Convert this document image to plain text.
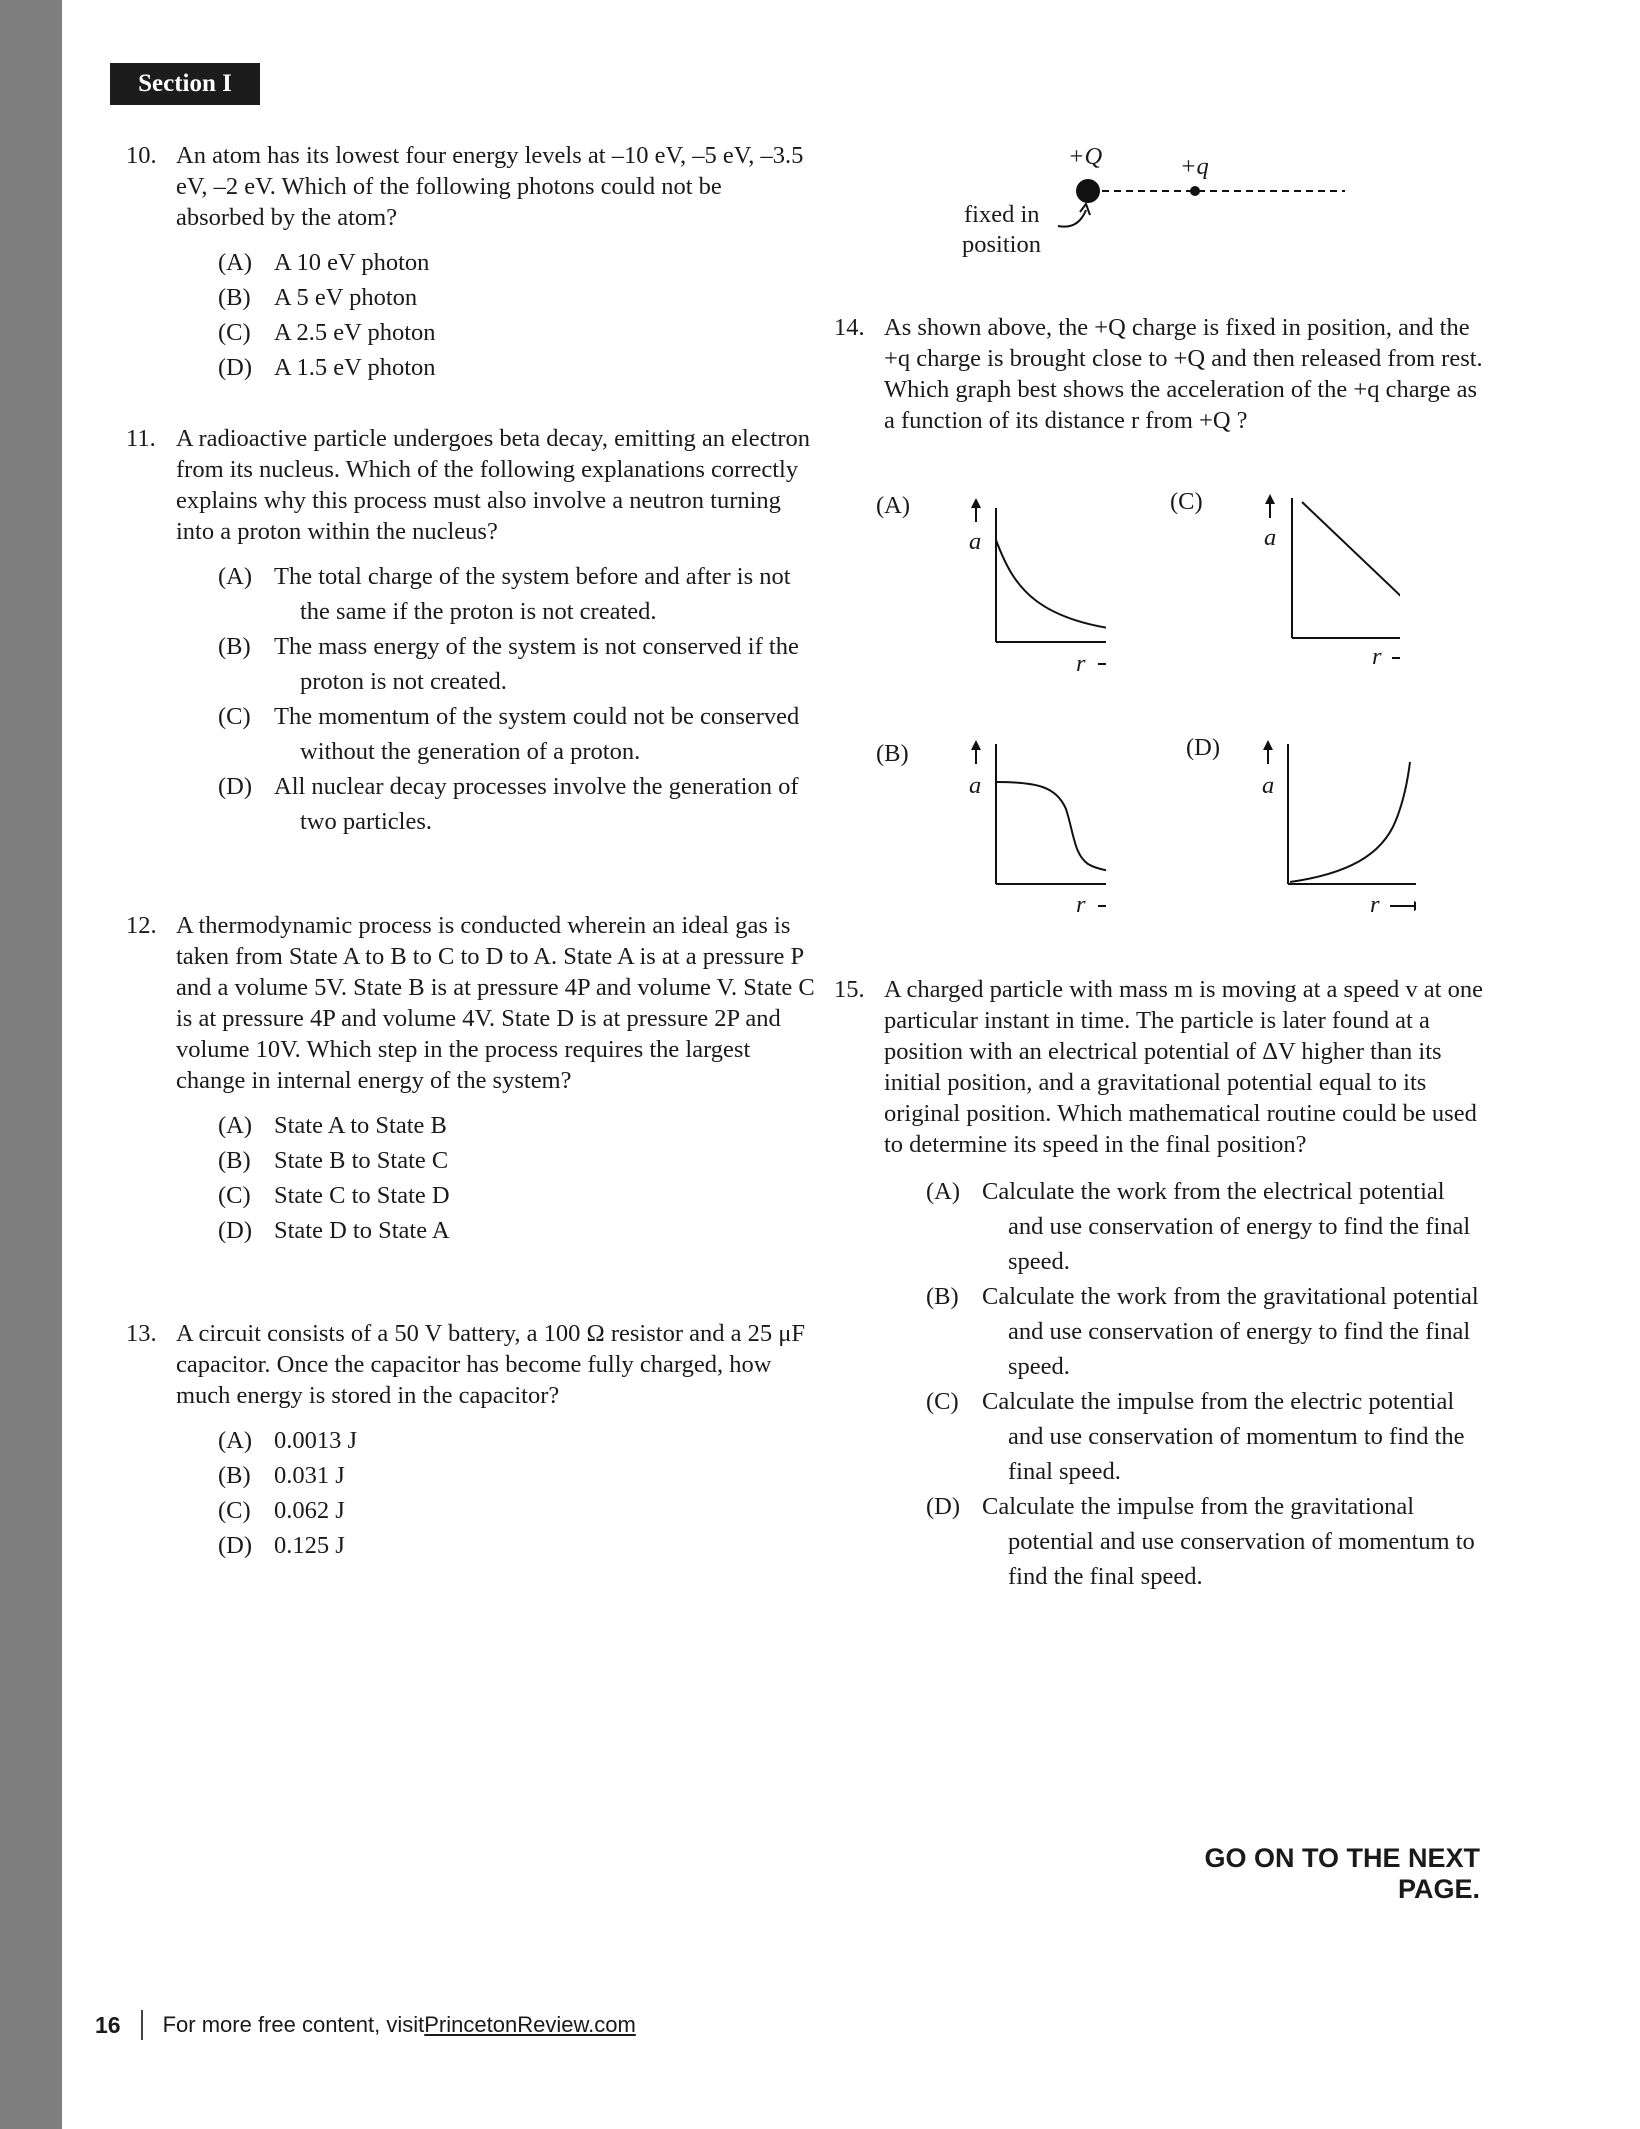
Section I
10. An atom has its lowest four energy levels at –10 eV, –5 eV, –3.5 eV, –2 eV. Which of the following photons could not be absorbed by the atom?

(A) A 10 eV photon
(B) A 5 eV photon
(C) A 2.5 eV photon
(D) A 1.5 eV photon
11. A radioactive particle undergoes beta decay, emitting an electron from its nucleus. Which of the following explanations correctly explains why this process must also involve a neutron turning into a proton within the nucleus?

(A) The total charge of the system before and after is not the same if the proton is not created.
(B) The mass energy of the system is not conserved if the proton is not created.
(C) The momentum of the system could not be conserved without the generation of a proton.
(D) All nuclear decay processes involve the generation of two particles.
12. A thermodynamic process is conducted wherein an ideal gas is taken from State A to B to C to D to A. State A is at a pressure P and a volume 5V. State B is at pressure 4P and volume V. State C is at pressure 4P and volume 4V. State D is at pressure 2P and volume 10V. Which step in the process requires the largest change in internal energy of the system?

(A) State A to State B
(B) State B to State C
(C) State C to State D
(D) State D to State A
13. A circuit consists of a 50 V battery, a 100 Ω resistor and a 25 μF capacitor. Once the capacitor has become fully charged, how much energy is stored in the capacitor?

(A) 0.0013 J
(B) 0.031 J
(C) 0.062 J
(D) 0.125 J
+Q	+q
fixed in
position
14. As shown above, the +Q charge is fixed in position, and the +q charge is brought close to +Q and then released from rest. Which graph best shows the acceleration of the +q charge as a function of its distance r from +Q ?

(A)
a
r
(C)
a
r
(B)
a
r
(D)
a
r
15. A charged particle with mass m is moving at a speed v at one particular instant in time. The particle is later found at a position with an electrical potential of ΔV higher than its initial position, and a gravitational potential equal to its original position. Which mathematical routine could be used to determine its speed in the final position?

(A) Calculate the work from the electrical potential and use conservation of energy to find the final speed.
(B) Calculate the work from the gravitational potential and use conservation of energy to find the final speed.
(C) Calculate the impulse from the electric potential and use conservation of momentum to find the final speed.
(D) Calculate the impulse from the gravitational potential and use conservation of momentum to find the final speed.
GO ON TO THE NEXT PAGE.
16 For more free content, visit PrincetonReview.com
